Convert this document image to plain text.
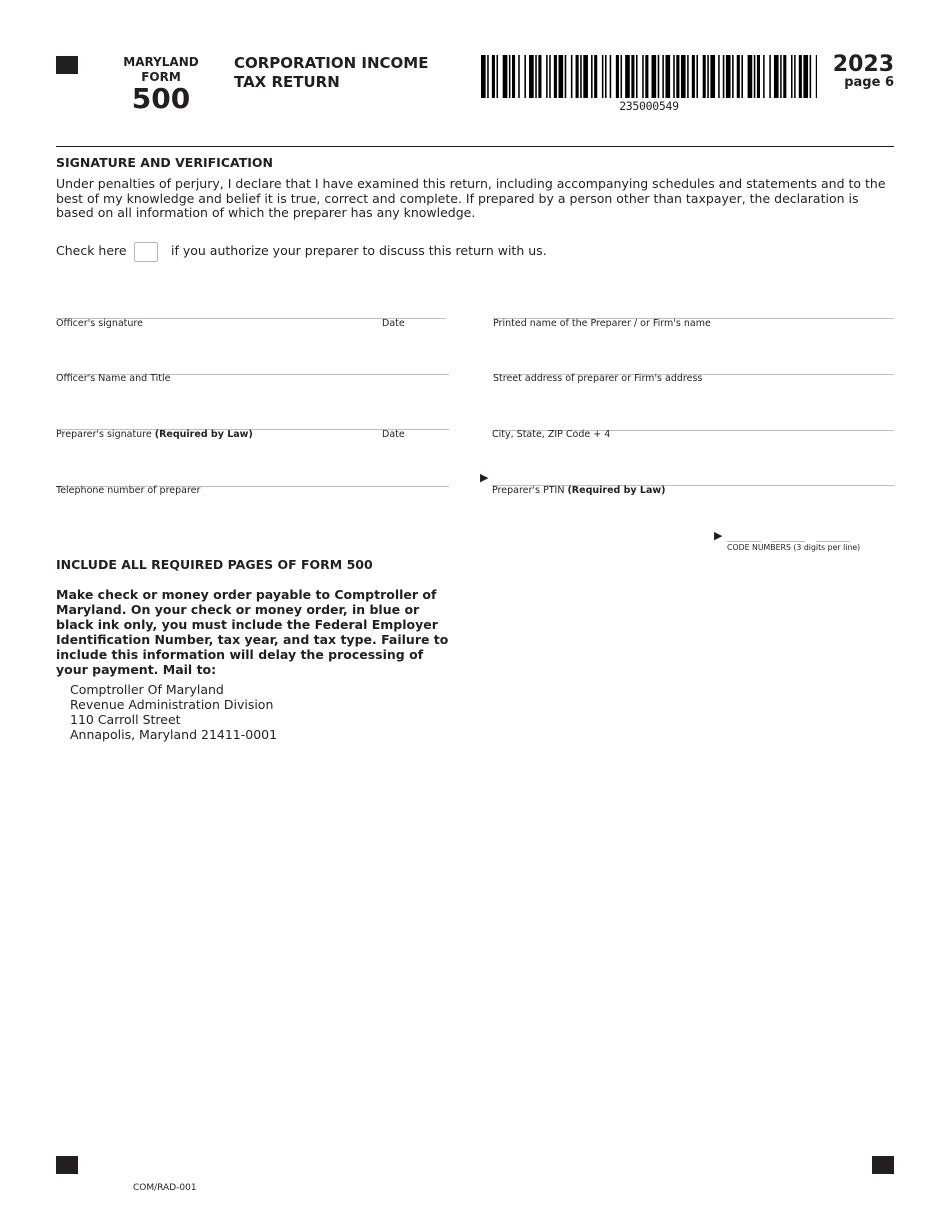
MARYLAND
FORM
500
CORPORATION INCOME
TAX RETURN
235000549
2023
page 6
SIGNATURE AND VERIFICATION
Under penalties of perjury, I declare that I have examined this return, including accompanying schedules and statements and to the best of my knowledge and belief it is true, correct and complete. If prepared by a person other than taxpayer, the declaration is based on all information of which the preparer has any knowledge.
Check here	if you authorize your preparer to discuss this return with us.
Officer's signature	Date	Printed name of the Preparer / or Firm's name
Officer's Name and Title	Street address of preparer or Firm's address
Preparer's signature (Required by Law)	Date	City, State, ZIP Code + 4
Telephone number of preparer
▶
Preparer's PTIN (Required by Law)
▶
CODE NUMBERS (3 digits per line)
INCLUDE ALL REQUIRED PAGES OF FORM 500
Make check or money order payable to Comptroller of Maryland. On your check or money order, in blue or black ink only, you must include the Federal Employer Identification Number, tax year, and tax type. Failure to include this information will delay the processing of your payment. Mail to:
Comptroller Of Maryland
Revenue Administration Division
110 Carroll Street
Annapolis, Maryland 21411-0001
COM/RAD-001
